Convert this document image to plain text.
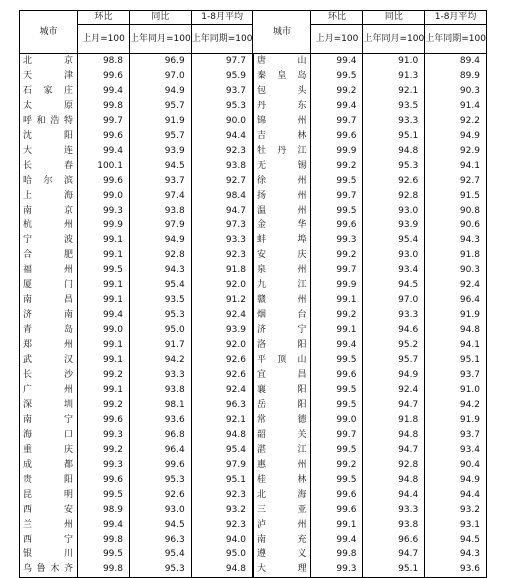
城市	环比	同比	1-8月平均	城市	环比	同比	1-8月平均
	上月=100	上年同月=100	上年同期=100		上月=100	上年同月=100	上年同期=100
北京	98.8	96.9	97.7	唐山	99.4	91.0	89.4
天津	99.6	97.0	95.9	秦皇岛	99.5	91.3	89.9
石家庄	99.4	94.9	93.7	包头	99.2	92.1	90.3
太原	99.8	95.7	95.3	丹东	99.4	93.5	91.4
呼和浩特	99.7	91.9	90.0	锦州	99.7	93.3	92.2
沈阳	99.6	95.7	94.4	吉林	99.6	95.1	94.9
大连	99.4	93.9	92.3	牡丹江	99.9	94.8	92.9
长春	100.1	94.5	93.8	无锡	99.2	95.3	94.1
哈尔滨	99.6	93.7	92.7	徐州	99.5	92.6	92.7
上海	99.0	97.4	98.4	扬州	99.7	92.8	91.5
南京	99.3	93.8	94.7	温州	99.5	93.0	90.8
杭州	99.9	97.9	97.3	金华	99.6	93.9	90.6
宁波	99.1	94.9	93.3	蚌埠	99.3	95.4	94.3
合肥	99.1	92.8	92.3	安庆	99.2	93.0	91.8
福州	99.5	94.3	91.8	泉州	99.7	93.4	90.3
厦门	99.1	95.4	92.0	九江	99.9	94.5	92.4
南昌	99.1	93.5	91.2	赣州	99.1	97.0	96.4
济南	99.4	95.3	92.4	烟台	99.2	93.3	91.9
青岛	99.0	95.0	93.9	济宁	99.1	94.6	94.8
郑州	99.1	91.7	92.0	洛阳	99.4	95.2	94.1
武汉	99.1	94.2	92.6	平顶山	99.5	95.7	95.1
长沙	99.2	93.3	92.6	宜昌	99.6	94.9	93.7
广州	99.1	93.8	92.4	襄阳	99.5	92.4	91.0
深圳	99.2	98.1	96.3	岳阳	99.5	94.7	94.2
南宁	99.6	93.6	92.1	常德	99.0	91.8	91.9
海口	99.3	96.8	94.8	韶关	99.7	94.8	93.7
重庆	99.2	96.4	95.4	湛江	99.5	94.7	93.4
成都	99.3	99.6	97.9	惠州	99.2	92.8	90.4
贵阳	99.6	95.3	95.1	桂林	99.5	94.8	94.9
昆明	99.5	92.6	92.3	北海	99.6	94.4	94.4
西安	98.9	93.0	93.2	三亚	99.6	93.3	93.2
兰州	99.4	94.5	92.3	泸州	99.1	93.8	93.1
西宁	99.8	96.3	94.0	南充	99.4	96.6	94.5
银川	99.5	95.4	95.0	遵义	99.8	94.7	94.3
乌鲁木齐	99.8	95.3	94.8	大理	99.3	95.1	93.6
